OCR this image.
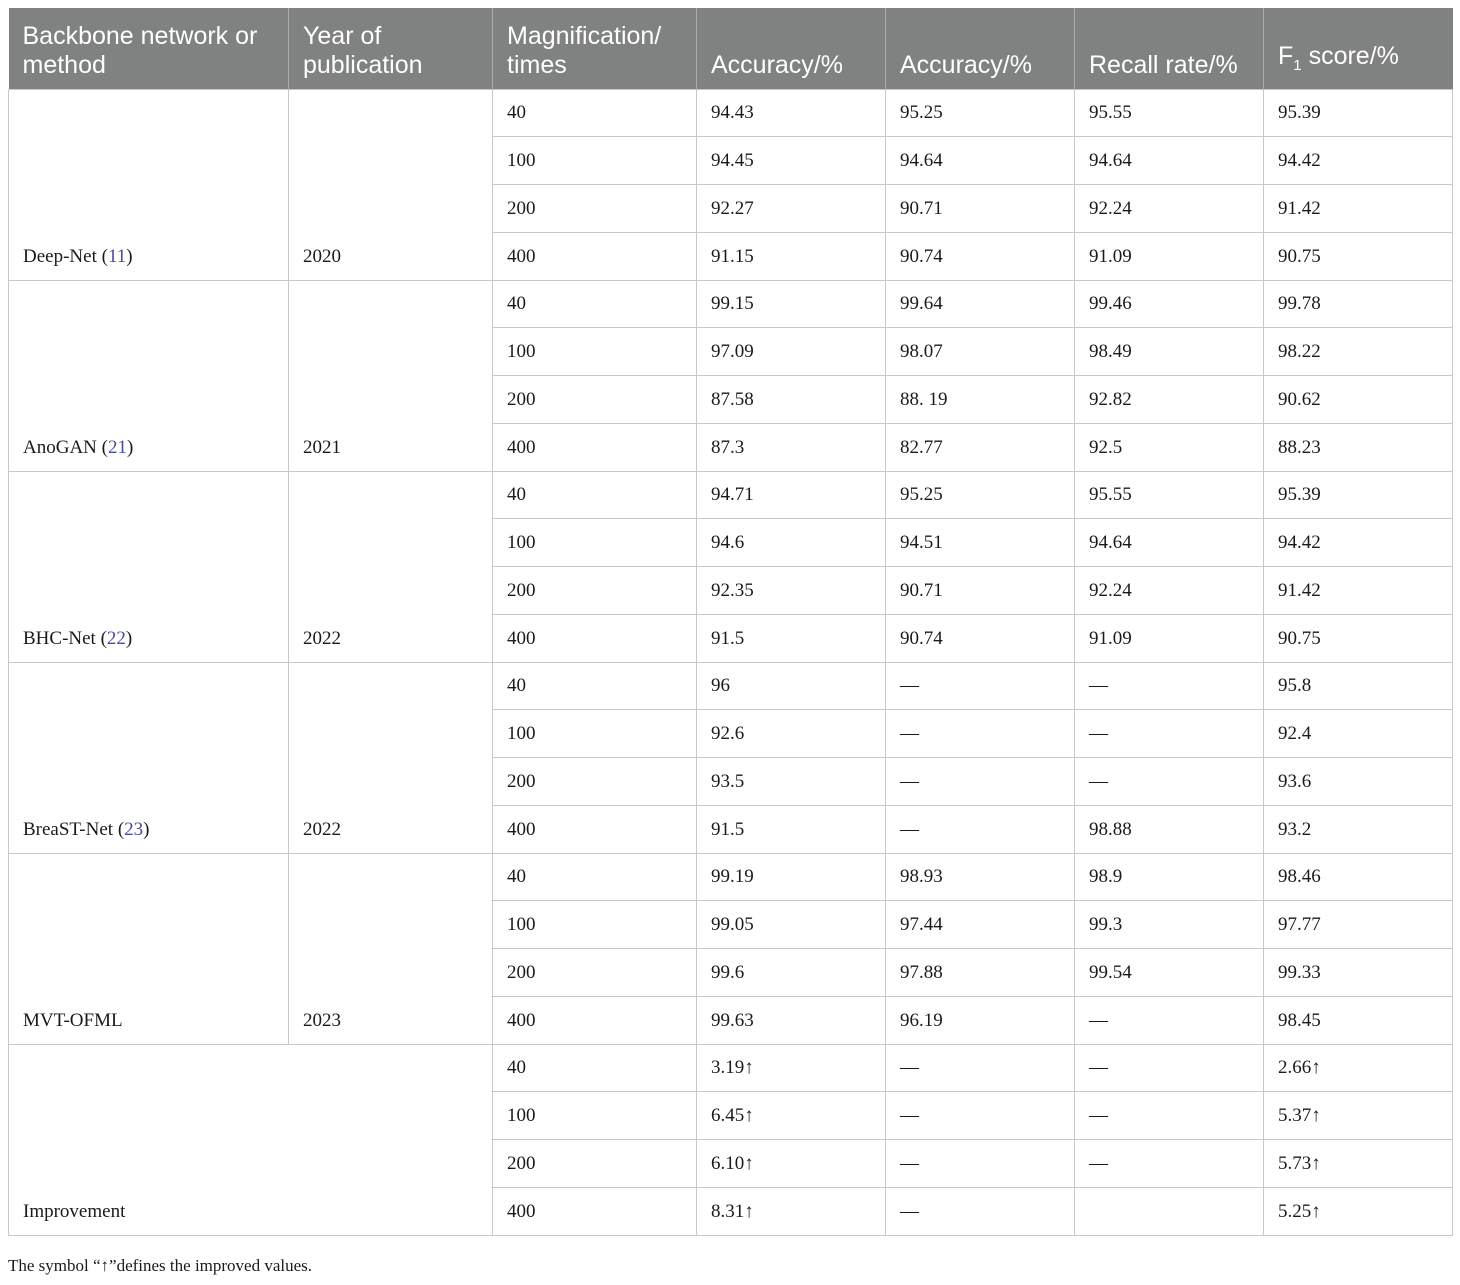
Backbone network or method	Year of publication	Magnification/ times	Accuracy/%	Accuracy/%	Recall rate/%	$F_1$ score/%
Deep-Net (11)	2020	40	94.43	95.25	95.55	95.39
		100	94.45	94.64	94.64	94.42
		200	92.27	90.71	92.24	91.42
		400	91.15	90.74	91.09	90.75
AnoGAN (21)	2021	40	99.15	99.64	99.46	99.78
		100	97.09	98.07	98.49	98.22
		200	87.58	88. 19	92.82	90.62
		400	87.3	82.77	92.5	88.23
BHC-Net (22)	2022	40	94.71	95.25	95.55	95.39
		100	94.6	94.51	94.64	94.42
		200	92.35	90.71	92.24	91.42
		400	91.5	90.74	91.09	90.75
BreaST-Net (23)	2022	40	96	—	—	95.8
		100	92.6	—	—	92.4
		200	93.5	—	—	93.6
		400	91.5	—	98.88	93.2
MVT-OFML	2023	40	99.19	98.93	98.9	98.46
		100	99.05	97.44	99.3	97.77
		200	99.6	97.88	99.54	99.33
		400	99.63	96.19	—	98.45
Improvement		40	3.19↑	—	—	2.66↑
		100	6.45↑	—	—	5.37↑
		200	6.10↑	—	—	5.73↑
		400	8.31↑	—		5.25↑
The symbol “↑”defines the improved values.
